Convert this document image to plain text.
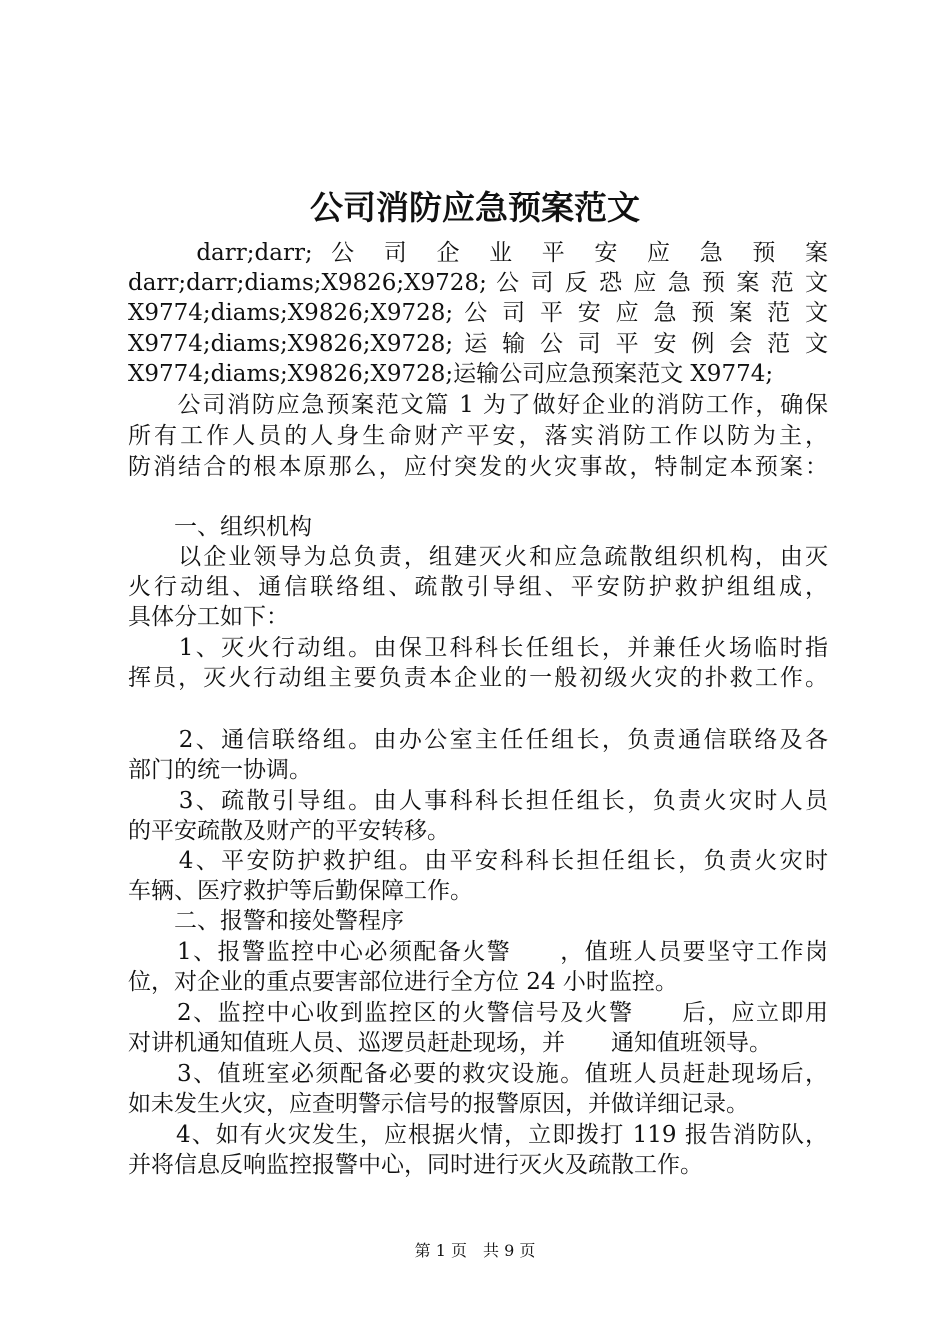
公司消防应急预案范文
　　darr;darr; 公 司 企 业 平 安 应 急 预 案
darr;darr;diams;X9826;X9728; 公 司 反 恐 应 急 预 案 范 文
X9774;diams;X9826;X9728; 公 司 平 安 应 急 预 案 范 文
X9774;diams;X9826;X9728; 运 输 公 司 平 安 例 会 范 文
X9774;diams;X9826;X9728;运输公司应急预案范文 X9774;
　　公司消防应急预案范文篇 1 为了做好企业的消防工作，确保
所有工作人员的人身生命财产平安，落实消防工作以防为主，
防消结合的根本原那么，应付突发的火灾事故，特制定本预案：
　　一、组织机构
　　以企业领导为总负责，组建灭火和应急疏散组织机构，由灭
火行动组、通信联络组、疏散引导组、平安防护救护组组成，
具体分工如下：
　　1、灭火行动组。由保卫科科长任组长，并兼任火场临时指
挥员，灭火行动组主要负责本企业的一般初级火灾的扑救工作。
　　2、通信联络组。由办公室主任任组长，负责通信联络及各
部门的统一协调。
　　3、疏散引导组。由人事科科长担任组长，负责火灾时人员
的平安疏散及财产的平安转移。
　　4、平安防护救护组。由平安科科长担任组长，负责火灾时
车辆、医疗救护等后勤保障工作。
　　二、报警和接处警程序
　　1、报警监控中心必须配备火警　　，值班人员要坚守工作岗
位，对企业的重点要害部位进行全方位 24 小时监控。
　　2、监控中心收到监控区的火警信号及火警　　后，应立即用
对讲机通知值班人员、巡逻员赶赴现场，并　　通知值班领导。
　　3、值班室必须配备必要的救灾设施。值班人员赶赴现场后，
如未发生火灾，应查明警示信号的报警原因，并做详细记录。
　　4、如有火灾发生，应根据火情，立即拨打 119 报告消防队，
并将信息反响监控报警中心，同时进行灭火及疏散工作。
第 1 页　共 9 页
